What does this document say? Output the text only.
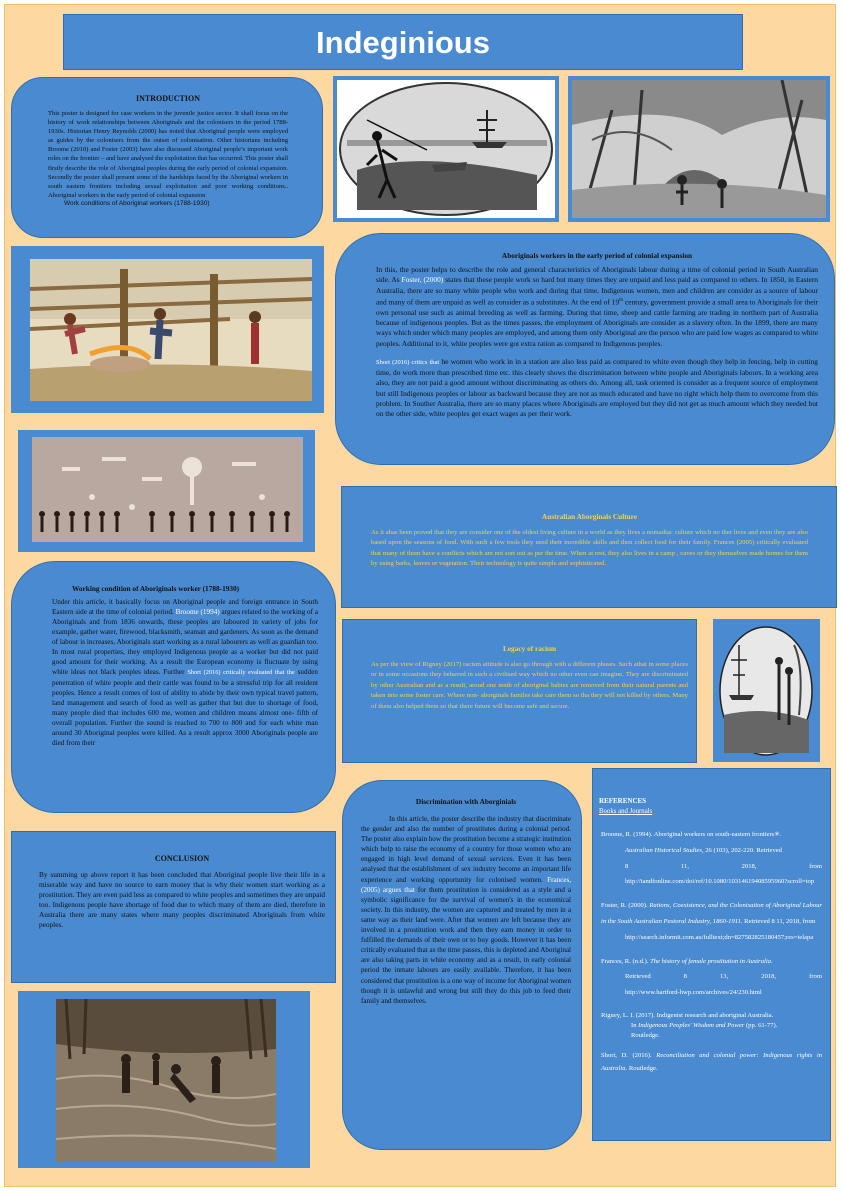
Indeginious
INTRODUCTION

This poster is designed for case workers in the juvenile justice sector. It shall focus on the history of work relationships between Aboriginals and the colonisers in the period 1788-1930s. Historian Henry Reynolds (2000) has noted that Aboriginal people were employed as guides by the colonisers from the outset of colonisation. Other historians including Broome (2010) and Foster (2003) have also discussed Aboriginal people’s important work roles on the frontier – and have analysed the exploitation that has occurred. This poster shall firstly describe the role of Aboriginal peoples during the early period of colonial expansion. Secondly the poster shall present some of the hardships faced by the Aboriginal workers in south eastern frontiers including sexual exploitation and poor working conditions.. Aboriginal workers in the early period of colonial expansion

Work conditions of Aboriginal workers (1788-1930)
Aboriginals workers in the early period of colonial expansion

In this, the poster helps to describe the role and general characteristics of Aboriginals labour during a time of colonial period in South Australian side. As Foster, (2000) states that these people work so hard but many times they are unpaid and less paid as compared to others. In 1850, in Eastern Australia, there are so many white people who work and during that time, Indigenous women, men and children are consider as a source of labour and many of them are unpaid as well as consider as a substitutes. At the end of 19th century, government provide a small area to Aboriginals for their own personal use such as animal breeding as well as farming. During that time, sheep and cattle farming are trading in northern part of Australia because of indigenous peoples. But as the times passes, the employment of Aboriginals are consider as a slavery often. In the 1899, there are many ways which under which many peoples are employed, and among them only Aboriginal are the person who are paid low wages as compared to white peoples. Additional to it, white peoples were got extra ration as compared to Indigenous peoples.

Short (2016) critics that he women who work in in a station are also less paid as compared to white even though they help in fencing, help in cutting time, do work more than prescribed time etc. this clearly shows the discrimination between white people and Aboriginals labours. In a working area also, they are not paid a good amount without discriminating as others do. Among all, task oriented is consider as a frequent source of employment but still Indigenous peoples or labour as backward because they are not as much educated and have no right which help them to overcome from this problem. In Souther Australia, there are so many places where Aboriginals are employed but they did not get as much amount which they needed but on the other side, white peoples get exact wages as per their work.

Australian Aborginals Culture

As it ahas been proved that they are consider one of the oldest living culture in a world as they lives a nomadiac culture which no ther lives and even they are also based upon the seasons of food. With such a few tools they used their incredible skills and then collect food for their family. Frances (2005) critically evaluated that many of them have a conflicts which are not sort out as per the time. When at rest, they also lives in a camp , caves or they themselves made homes for them by using barks, leaves or vegetation. Their technology is quite simple and sophisticated.

Working condition of Aboriginals worker (1788-1930)

Under this article, it basically focus on Aboriginal people and foreign entrance in South Eastern side at the time of colonial period. Broome (1994) argues related to the working of a Aboriginals and from 1836 onwards, these peoples are laboured in variety of jobs for example, gather water, firewood, blacksmith, seaman and gardeners. As soon as the demand of labour is increases, Aboriginals start working as a rural labourers as well as guardian too. In most rural properties, they employed Indigenous people as a worker but did not paid good amount for their working. As a result the European economy is fluctuate by using white ideas not black peoples ideas. Further Short (2016) critically evaluated that the sudden penetration of white people and their cattle was found to be a stressful trip for all resident peoples. Hence a result comes of lost of ability to abide by their own typical travel pattern, land management and search of food as well as gather that but due to shortage of food, many people died that includes 600 me, women and children means almost one- fifth of overall population. Further the sound is reached to 700 to 800 and for each white man around 30 Aboriginal peoples were killed. As a result approx 3000 Aboriginals people are died from their

Legacy of racism

As per the view of Rigney (2017) racism attitude is also go through with a different phases. Such athat in some places or in some occasions they behaved in such a civilised way which no other even can imagine. They are discriminated by other Australian and as a result, aroud one tenth of aboriginal babies are removed from their natural parents and taken into some foster care. Where non- aborginals familes take care them so tha they will not killed by others. Many of them also helped them so that there future will become safe and secure.

REFERENCES
Books and Journals
Broome, R. (1994). Aboriginal workers on south-eastern frontiers✳.
Australian Historical Studies, 26 (103), 202-220. Retrieved
8	11,	2018,	from
http://tandfonline.com/doi/ref/10.1080/10314619408595960?scroll=top
Foster, R. (2000). Rations, Coexistence, and the Colonisation of Aboriginal Labour in the South Australian Pastoral Industry, 1860-1911. Retrieved 8 11, 2018, from
http://search.informit.com.au/fulltext;dn=827582825180457;res=ielapa
Frances, R. (n.d.). The history of female prostitution in Australia.
Retrieved	8	13,	2018,	from
http://www.hartford-hwp.com/archives/24/230.html
Rigney, L. I. (2017). Indigenist research and aboriginal Australia.
In Indigenous Peoples' Wisdom and Power (pp. 61-77).
Routledge.
Short, D. (2016). Reconciliation and colonial power: Indigenous rights in Australia. Routledge.
Discrimination with Aborginials

In this article, the poster describe the industry that discriminate the gender and also the number of prostitutes during a colonial period. The poster also explain how the prostitution become a strategic institution which help to raise the economy of a country for those women who are engaged in high level demand of sexual services. Even it has been analysed that the establishment of sex industry become an important life experience and working opportunity for colonised women. Frances, (2005) argues that for them prostitution is considered as a style and a symbolic significance for the survival of women's in the economical society. In this industry, the women are captured and treated by men in a same way as their land were. After that women are left because they are involved in a prostitution work and then they earn money in order to fulfilled the demands of their own or to buy goods. However it has been critically evaluated that as the time passes, this is depleted and Aboriginal are also taking parts in white economy and as a result, in early colonial period the inmate labours are easily available. Therefore, it has been considered that prostitution is a one way of income for Aboriginal women though it is unlawful and wrong but still they do this job to feed their family and themselves.

CONCLUSION

By summing up above report it has been concluded that Aboriginal people live their life in a miserable way and have no source to earn money that is why their women start working as a prostitution. They are even paid less as compared to white peoples and sometimes they are unpaid too. Indigenous people have shortage of food due to which many of them are died, therefore in Australia there are many states where many peoples discriminated Aboriginals from white peoples.
